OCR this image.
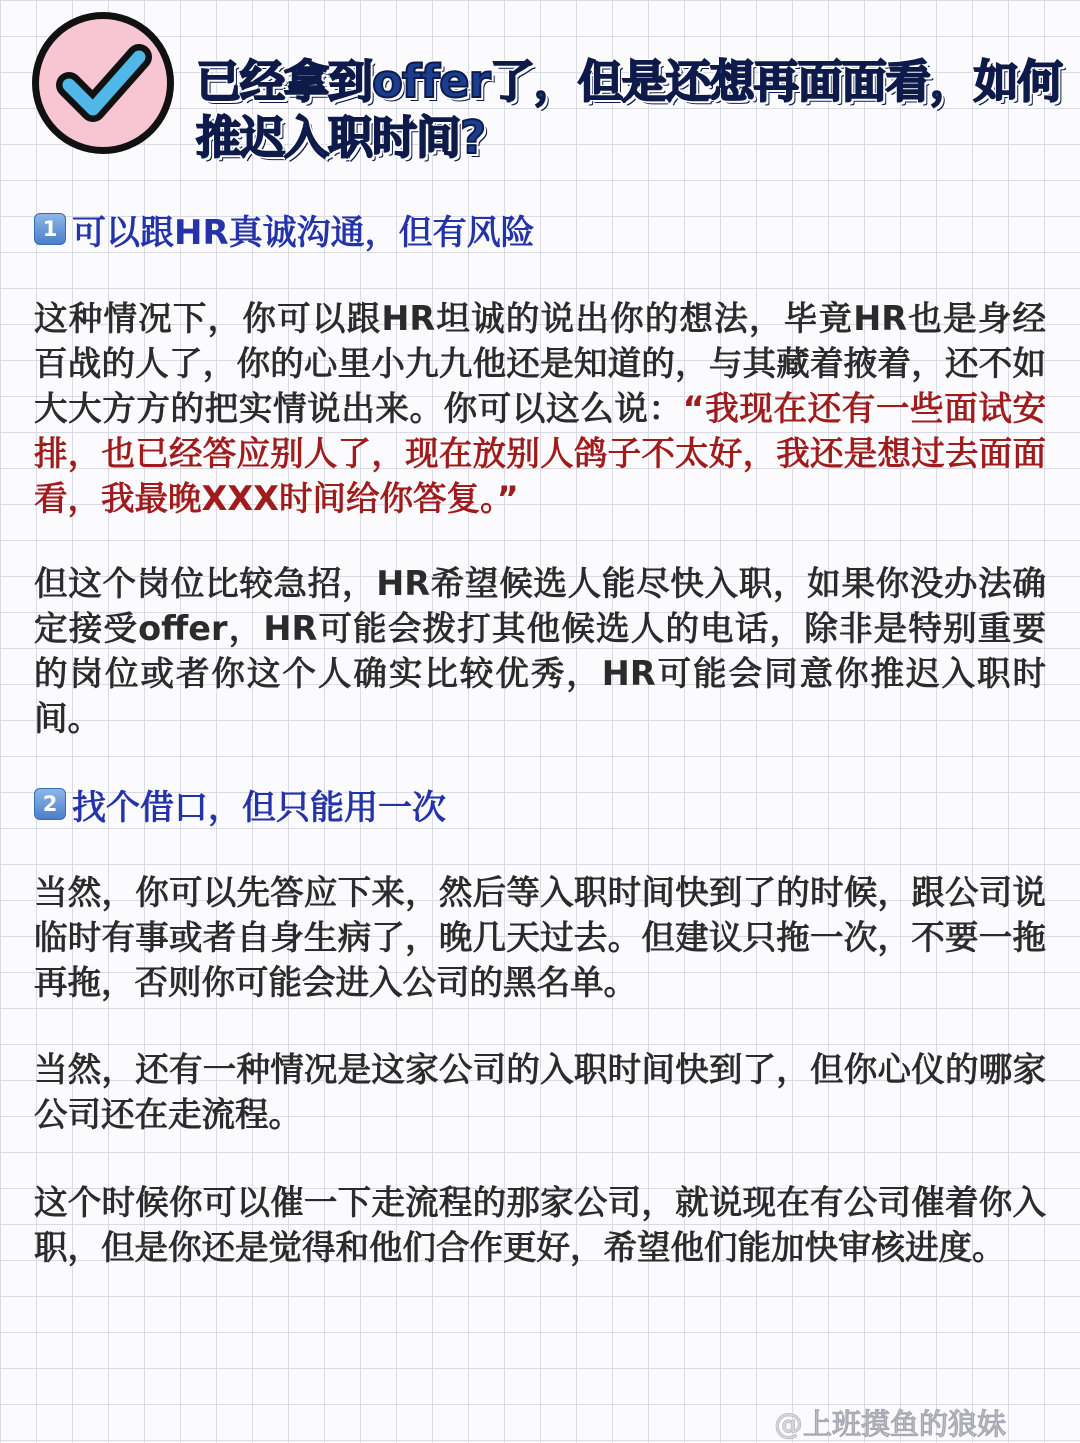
已经拿到offer了，但是还想再面面看，如何推迟入职时间?
1 可以跟HR真诚沟通，但有风险
这种情况下，你可以跟HR坦诚的说出你的想法，毕竟HR也是身经百战的人了，你的心里小九九他还是知道的，与其藏着掖着，还不如大大方方的把实情说出来。你可以这么说：“我现在还有一些面试安排，也已经答应别人了，现在放别人鸽子不太好，我还是想过去面面看，我最晚XXX时间给你答复。”
但这个岗位比较急招，HR希望候选人能尽快入职，如果你没办法确定接受offer，HR可能会拨打其他候选人的电话，除非是特别重要的岗位或者你这个人确实比较优秀，HR可能会同意你推迟入职时间。
2 找个借口，但只能用一次
当然，你可以先答应下来，然后等入职时间快到了的时候，跟公司说临时有事或者自身生病了，晚几天过去。但建议只拖一次，不要一拖再拖，否则你可能会进入公司的黑名单。
当然，还有一种情况是这家公司的入职时间快到了，但你心仪的哪家公司还在走流程。
这个时候你可以催一下走流程的那家公司，就说现在有公司催着你入职，但是你还是觉得和他们合作更好，希望他们能加快审核进度。
@上班摸鱼的狼妹
